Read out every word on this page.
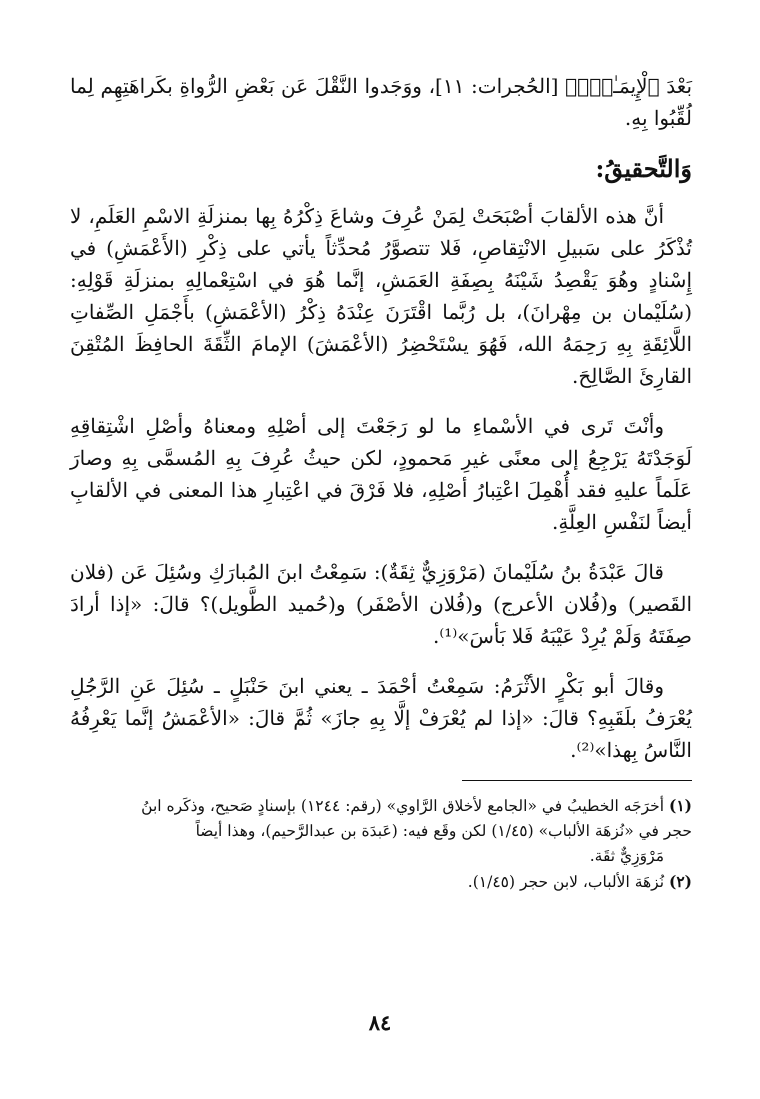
بَعْدَ ٱلْإِيمَـٰنِۚ﴾ [الحُجرات: ١١]، ووَجَدوا النَّقْلَ عَن بَعْضِ الرُّواةِ بكَراهَتِهِم لِما لُقِّبُوا بِهِ.

وَالتَّحقيقُ:

أنَّ هذه الألقابَ أصْبَحَتْ لِمَنْ عُرِفَ وشاعَ ذِكْرُهُ بِها بمنزلَةِ الاسْمِ العَلَمِ، لا تُذْكَرُ على سَبيلِ الانْتِقاصِ، فَلا تتصوَّرُ مُحدِّثاً يأتي على ذِكْرِ (الأَعْمَشِ) في إِسْنادٍ وهُوَ يَقْصِدُ شَيْنَهُ بِصِفَةِ العَمَشِ، إنَّما هُوَ في اسْتِعْمالِهِ بمنزلَةِ قَوْلِهِ: (سُلَيْمان بن مِهْرانَ)، بل رُبَّما اقْتَرَنَ عِنْدَهُ ذِكْرُ (الأعْمَشِ) بأَجْمَلِ الصِّفاتِ اللَّائِقَةِ بِهِ رَحِمَهُ الله، فَهُوَ يسْتَحْضِرُ (الأعْمَشَ) الإمامَ الثِّقَةَ الحافِظَ المُتْقِنَ القارِئَ الصَّالِحَ.

وأنْتَ تَرى في الأسْماءِ ما لو رَجَعْتَ إلى أصْلِهِ ومعناهُ وأصْلِ اشْتِقاقِهِ لَوَجَدْتَهُ يَرْجِعُ إلى معنًى غيرِ مَحمودٍ، لكن حيثُ عُرِفَ بِهِ المُسمَّى بِهِ وصارَ عَلَماً عليهِ فقد أُهْمِلَ اعْتِبارُ أصْلِهِ، فلا فَرْقَ في اعْتِبارِ هذا المعنى في الألقابِ أيضاً لنَفْسِ العِلَّةِ.

قالَ عَبْدَةُ بنُ سُلَيْمانَ (مَرْوَزِيٌّ ثِقَةٌ): سَمِعْتُ ابنَ المُبارَكِ وسُئِلَ عَن (فلان القَصير) و(فُلان الأعرج) و(فُلان الأصْفَر) و(حُميد الطَّويل)؟ قالَ: «إذا أرادَ صِفَتَهُ وَلَمْ يُرِدْ عَيْبَهُ فَلا بَأسَ»⁽¹⁾.

وقالَ أبو بَكْرٍ الأثْرَمُ: سَمِعْتُ أحْمَدَ ـ يعني ابنَ حَنْبَلٍ ـ سُئِلَ عَنِ الرَّجُلِ يُعْرَفُ بلَقَبِهِ؟ قالَ: «إذا لم يُعْرَفْ إلَّا بِهِ جازَ» ثُمَّ قالَ: «الأعْمَشُ إنَّما يَعْرِفُهُ النَّاسُ بِهذا»⁽²⁾.

(١) أخرَجَه الخطيبُ في «الجامع لأخلاق الرَّاوي» (رقم: ١٢٤٤) بإسنادٍ صَحيح، وذكَره ابنُ

حجر في «نُزهَة الألباب» (١/٤٥) لكن وقَع فيه: (عَبدَة بن عبدالرَّحيم)، وهذا أيضاً

مَرْوَزِيٌّ ثقَة.

(٢) نُزهَة الألباب، لابن حجر (١/٤٥).

٨٤
